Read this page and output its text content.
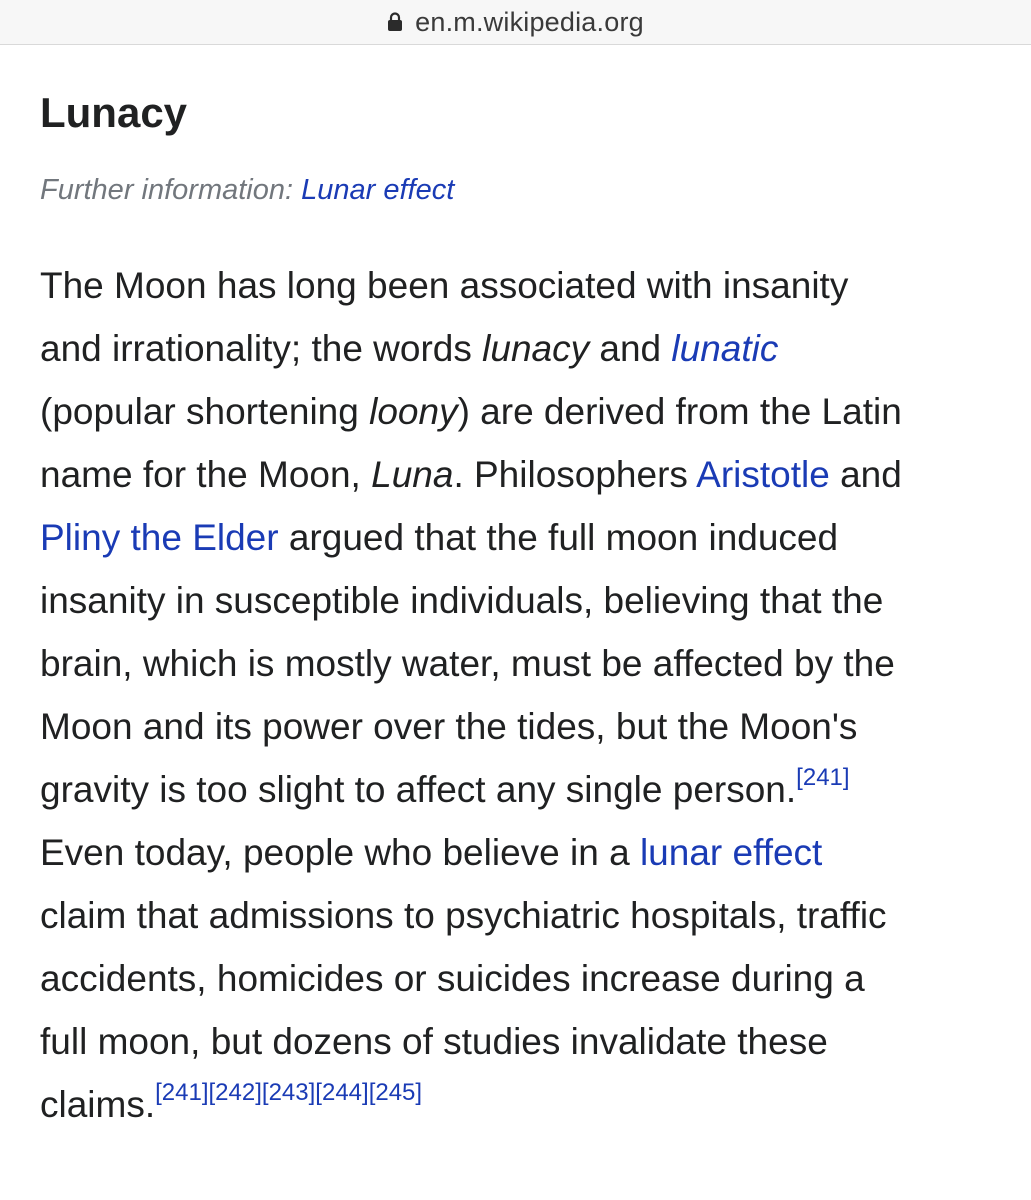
en.m.wikipedia.org
Lunacy
Further information: Lunar effect
The Moon has long been associated with insanity
and irrationality; the words lunacy and lunatic
(popular shortening loony) are derived from the Latin
name for the Moon, Luna. Philosophers Aristotle and
Pliny the Elder argued that the full moon induced
insanity in susceptible individuals, believing that the
brain, which is mostly water, must be affected by the
Moon and its power over the tides, but the Moon's
gravity is too slight to affect any single person.[241]
Even today, people who believe in a lunar effect
claim that admissions to psychiatric hospitals, traffic
accidents, homicides or suicides increase during a
full moon, but dozens of studies invalidate these
claims.[241][242][243][244][245]
